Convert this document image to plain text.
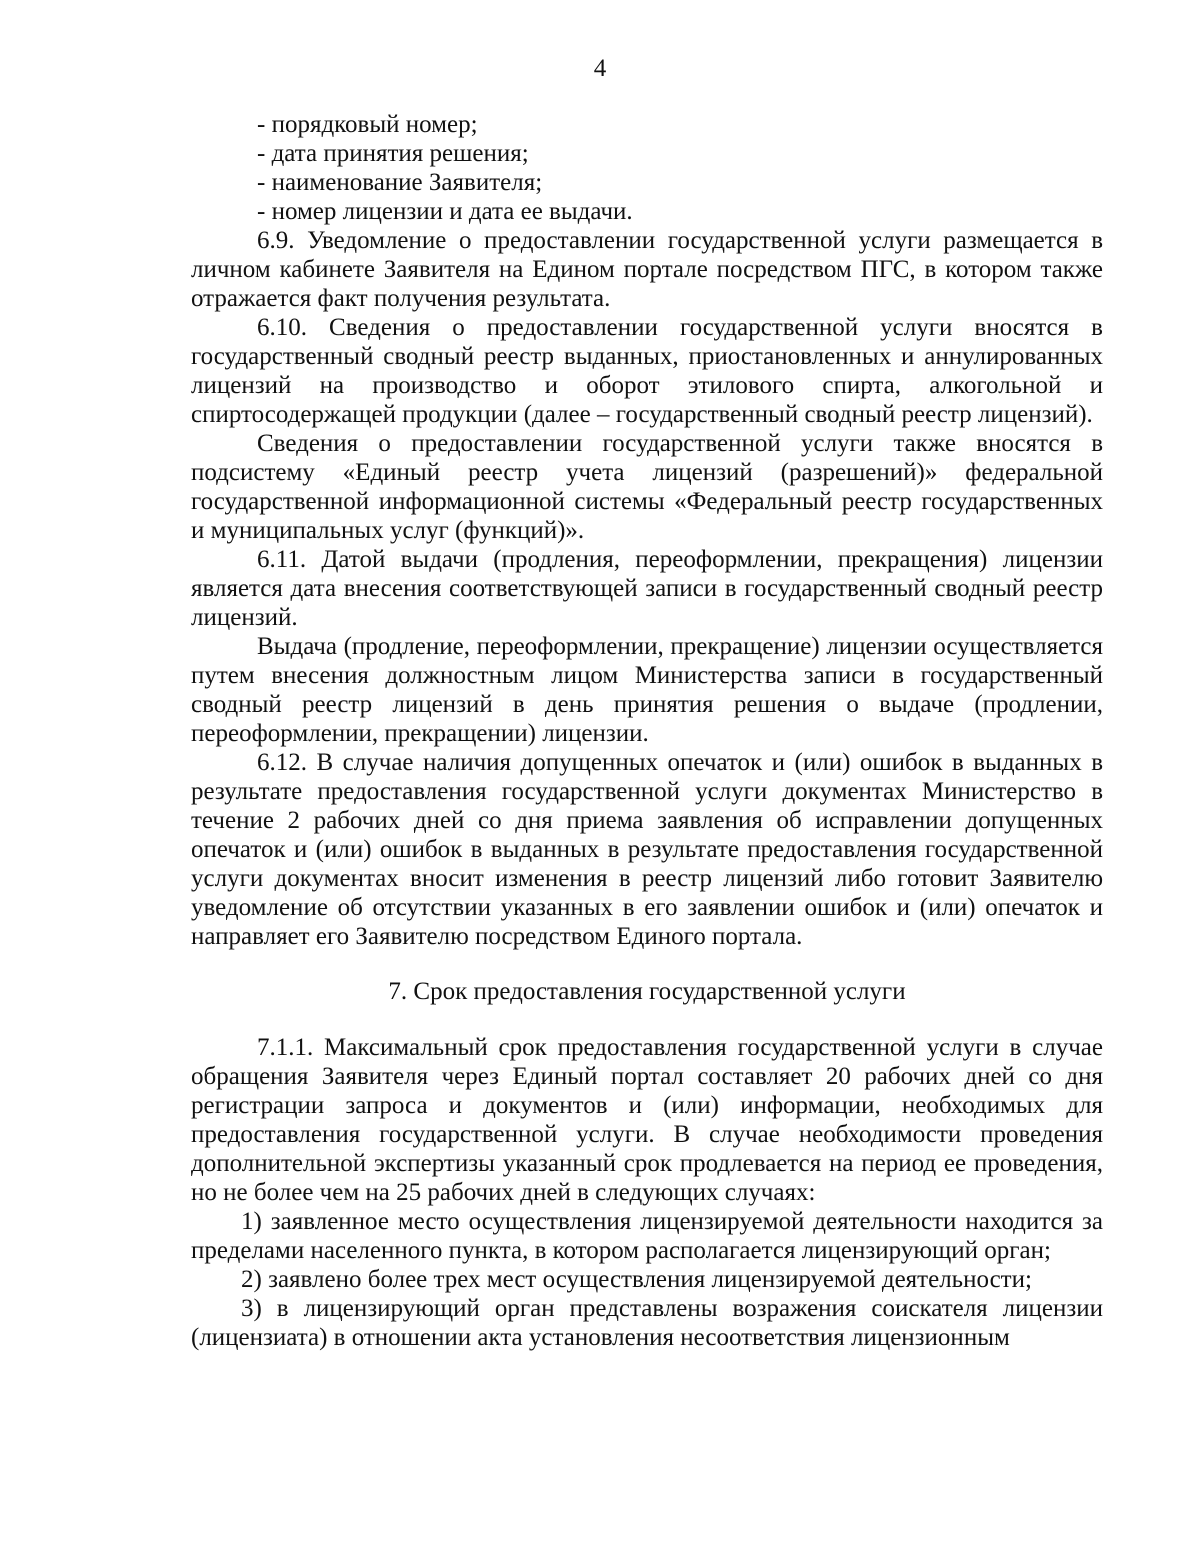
4

- порядковый номер;

- дата принятия решения;

- наименование Заявителя;

- номер лицензии и дата ее выдачи.

6.9. Уведомление о предоставлении государственной услуги размещается в личном кабинете Заявителя на Едином портале посредством ПГС, в котором также отражается факт получения результата.

6.10. Сведения о предоставлении государственной услуги вносятся в государственный сводный реестр выданных, приостановленных и аннулированных лицензий на производство и оборот этилового спирта, алкогольной и спиртосодержащей продукции (далее – государственный сводный реестр лицензий).

Сведения о предоставлении государственной услуги также вносятся в подсистему «Единый реестр учета лицензий (разрешений)» федеральной государственной информационной системы «Федеральный реестр государственных и муниципальных услуг (функций)».

6.11. Датой выдачи (продления, переоформлении, прекращения) лицензии является дата внесения соответствующей записи в государственный сводный реестр лицензий.

Выдача (продление, переоформлении, прекращение) лицензии осуществляется путем внесения должностным лицом Министерства записи в государственный сводный реестр лицензий в день принятия решения о выдаче (продлении, переоформлении, прекращении) лицензии.

6.12. В случае наличия допущенных опечаток и (или) ошибок в выданных в результате предоставления государственной услуги документах Министерство в течение 2 рабочих дней со дня приема заявления об исправлении допущенных опечаток и (или) ошибок в выданных в результате предоставления государственной услуги документах вносит изменения в реестр лицензий либо готовит Заявителю уведомление об отсутствии указанных в его заявлении ошибок и (или) опечаток и направляет его Заявителю посредством Единого портала.

7. Срок предоставления государственной услуги

7.1.1. Максимальный срок предоставления государственной услуги в случае обращения Заявителя через Единый портал составляет 20 рабочих дней со дня регистрации запроса и документов и (или) информации, необходимых для предоставления государственной услуги. В случае необходимости проведения дополнительной экспертизы указанный срок продлевается на период ее проведения, но не более чем на 25 рабочих дней в следующих случаях:

1) заявленное место осуществления лицензируемой деятельности находится за пределами населенного пункта, в котором располагается лицензирующий орган;

2) заявлено более трех мест осуществления лицензируемой деятельности;

3) в лицензирующий орган представлены возражения соискателя лицензии (лицензиата) в отношении акта установления несоответствия лицензионным
